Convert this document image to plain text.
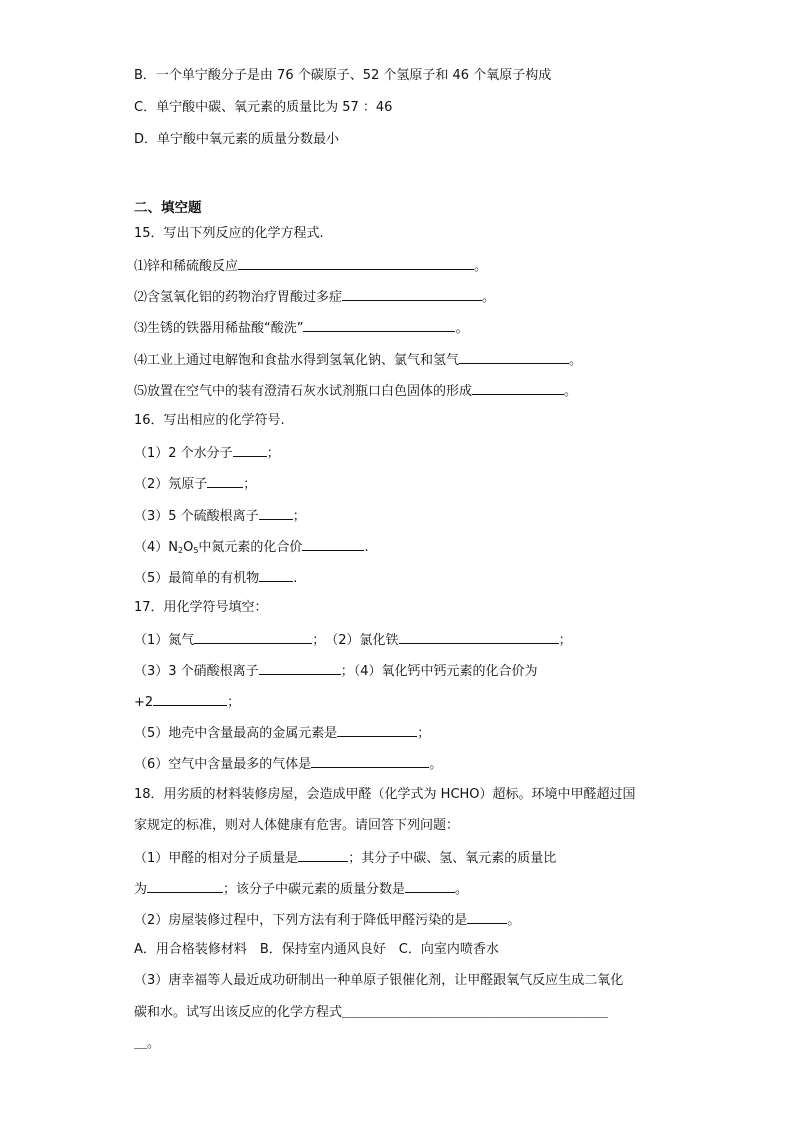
B．一个单宁酸分子是由 76 个碳原子、52 个氢原子和 46 个氧原子构成
C．单宁酸中碳、氧元素的质量比为 57 ：46
D．单宁酸中氧元素的质量分数最小
二、填空题
15．写出下列反应的化学方程式.
⑴锌和稀硫酸反应	。
⑵含氢氧化铝的药物治疗胃酸过多症	。
⑶生锈的铁器用稀盐酸“酸洗”	。
⑷工业上通过电解饱和食盐水得到氢氧化钠、氯气和氢气	。
⑸放置在空气中的装有澄清石灰水试剂瓶口白色固体的形成	。
16．写出相应的化学符号.
（1）2 个水分子	；
（2）氖原子	；
（3）5 个硫酸根离子	；
$(4)N_2O_5$中氮元素的化合价	.
（5）最简单的有机物	.
17．用化学符号填空：
（1）氮气	；　（2）氯化铁	；
（3）3 个硝酸根离子	；（4）氧化钙中钙元素的化合价为
+2	；
（5）地壳中含量最高的金属元素是	；
（6）空气中含量最多的气体是	。
18．用劣质的材料装修房屋，会造成甲醛（化学式为 HCHO）超标。环境中甲醛超过国
家规定的标准，则对人体健康有危害。请回答下列问题：
（1）甲醛的相对分子质量是	；其分子中碳、氢、氧元素的质量比
为	；该分子中碳元素的质量分数是	。
（2）房屋装修过程中，下列方法有利于降低甲醛污染的是	。
A．用合格装修材料　B．保持室内通风良好　C．向室内喷香水
（3）唐幸福等人最近成功研制出一种单原子银催化剂，让甲醛跟氧气反应生成二氧化
碳和水。试写出该反应的化学方程式＿＿＿＿＿＿＿＿＿＿＿＿＿＿＿＿＿＿＿＿＿＿＿＿
＿。
